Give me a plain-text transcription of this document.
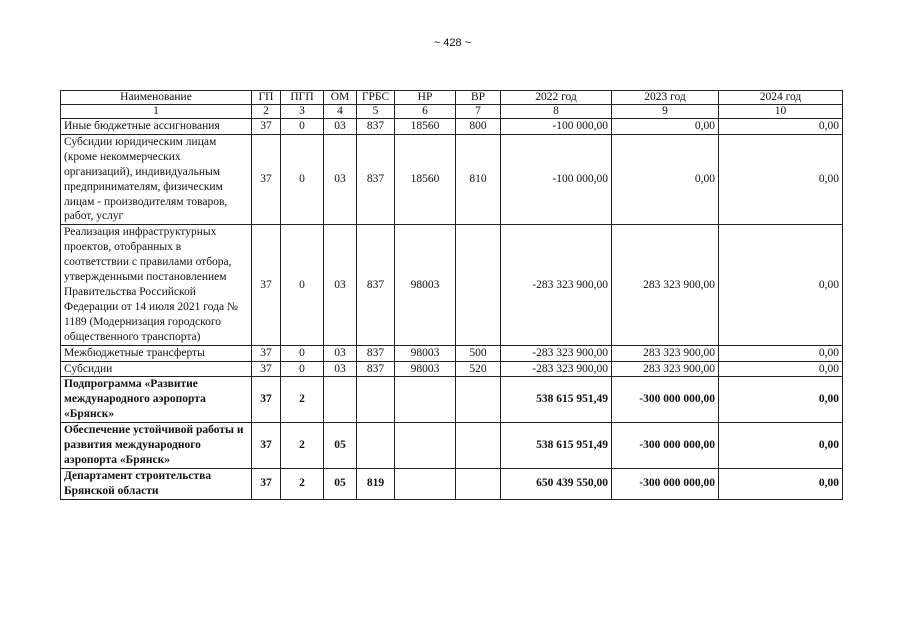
~ 428 ~
Наименование	ГП	ПГП	ОМ	ГРБС	НР	ВР	2022 год	2023 год	2024 год
1	2	3	4	5	6	7	8	9	10
Иные бюджетные ассигнования	37	0	03	837	18560	800	-100 000,00	0,00	0,00
Субсидии юридическим лицам (кроме некоммерческих организаций), индивидуальным предпринимателям, физическим лицам - производителям товаров, работ, услуг	37	0	03	837	18560	810	-100 000,00	0,00	0,00
Реализация инфраструктурных проектов, отобранных в соответствии с правилами отбора, утвержденными постановлением Правительства Российской Федерации от 14 июля 2021 года № 1189 (Модернизация городского общественного транспорта)	37	0	03	837	98003		-283 323 900,00	283 323 900,00	0,00
Межбюджетные трансферты	37	0	03	837	98003	500	-283 323 900,00	283 323 900,00	0,00
Субсидии	37	0	03	837	98003	520	-283 323 900,00	283 323 900,00	0,00
Подпрограмма «Развитие международного аэропорта «Брянск»	37	2					538 615 951,49	-300 000 000,00	0,00
Обеспечение устойчивой работы и развития международного аэропорта «Брянск»	37	2	05				538 615 951,49	-300 000 000,00	0,00
Департамент строительства Брянской области	37	2	05	819			650 439 550,00	-300 000 000,00	0,00
